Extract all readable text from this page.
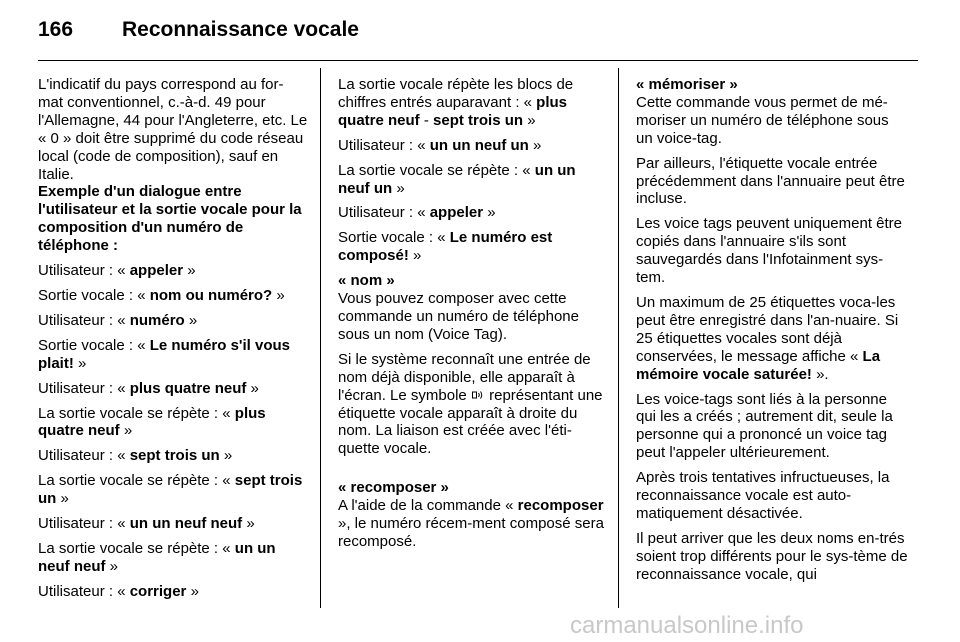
166 Reconnaissance vocale

L'indicatif du pays correspond au for-mat conventionnel, c.-à-d. 49 pour l'Allemagne, 44 pour l'Angleterre, etc. Le « 0 » doit être supprimé du code réseau local (code de composition), sauf en Italie.

Exemple d'un dialogue entre l'utilisateur et la sortie vocale pour la composition d'un numéro de téléphone :

Utilisateur : « appeler »

Sortie vocale : « nom ou numéro? »

Utilisateur : « numéro »

Sortie vocale : « Le numéro s'il vous plait! »

Utilisateur : « plus quatre neuf »

La sortie vocale se répète : « plus quatre neuf »

Utilisateur : « sept trois un »

La sortie vocale se répète : « sept trois un »

Utilisateur : « un un neuf neuf »

La sortie vocale se répète : « un un neuf neuf »

Utilisateur : « corriger »

La sortie vocale répète les blocs de chiffres entrés auparavant : « plus quatre neuf - sept trois un »

Utilisateur : « un un neuf un »

La sortie vocale se répète : « un un neuf un »

Utilisateur : « appeler »

Sortie vocale : « Le numéro est composé! »

« nom »

Vous pouvez composer avec cette commande un numéro de téléphone sous un nom (Voice Tag).

Si le système reconnaît une entrée de nom déjà disponible, elle apparaît à l'écran. Le symbole  représentant une étiquette vocale apparaît à droite du nom. La liaison est créée avec l'éti-quette vocale.

« recomposer »

A l'aide de la commande « recomposer », le numéro récem-ment composé sera recomposé.

« mémoriser »

Cette commande vous permet de mé-moriser un numéro de téléphone sous un voice-tag.

Par ailleurs, l'étiquette vocale entrée précédemment dans l'annuaire peut être incluse.

Les voice tags peuvent uniquement être copiés dans l'annuaire s'ils sont sauvegardés dans l'Infotainment sys-tem.

Un maximum de 25 étiquettes voca-les peut être enregistré dans l'an-nuaire. Si 25 étiquettes vocales sont déjà conservées, le message affiche « La mémoire vocale saturée! ».

Les voice-tags sont liés à la personne qui les a créés ; autrement dit, seule la personne qui a prononcé un voice tag peut l'appeler ultérieurement.

Après trois tentatives infructueuses, la reconnaissance vocale est auto-matiquement désactivée.

Il peut arriver que les deux noms en-trés soient trop différents pour le sys-tème de reconnaissance vocale, qui

carmanualsonline.info
